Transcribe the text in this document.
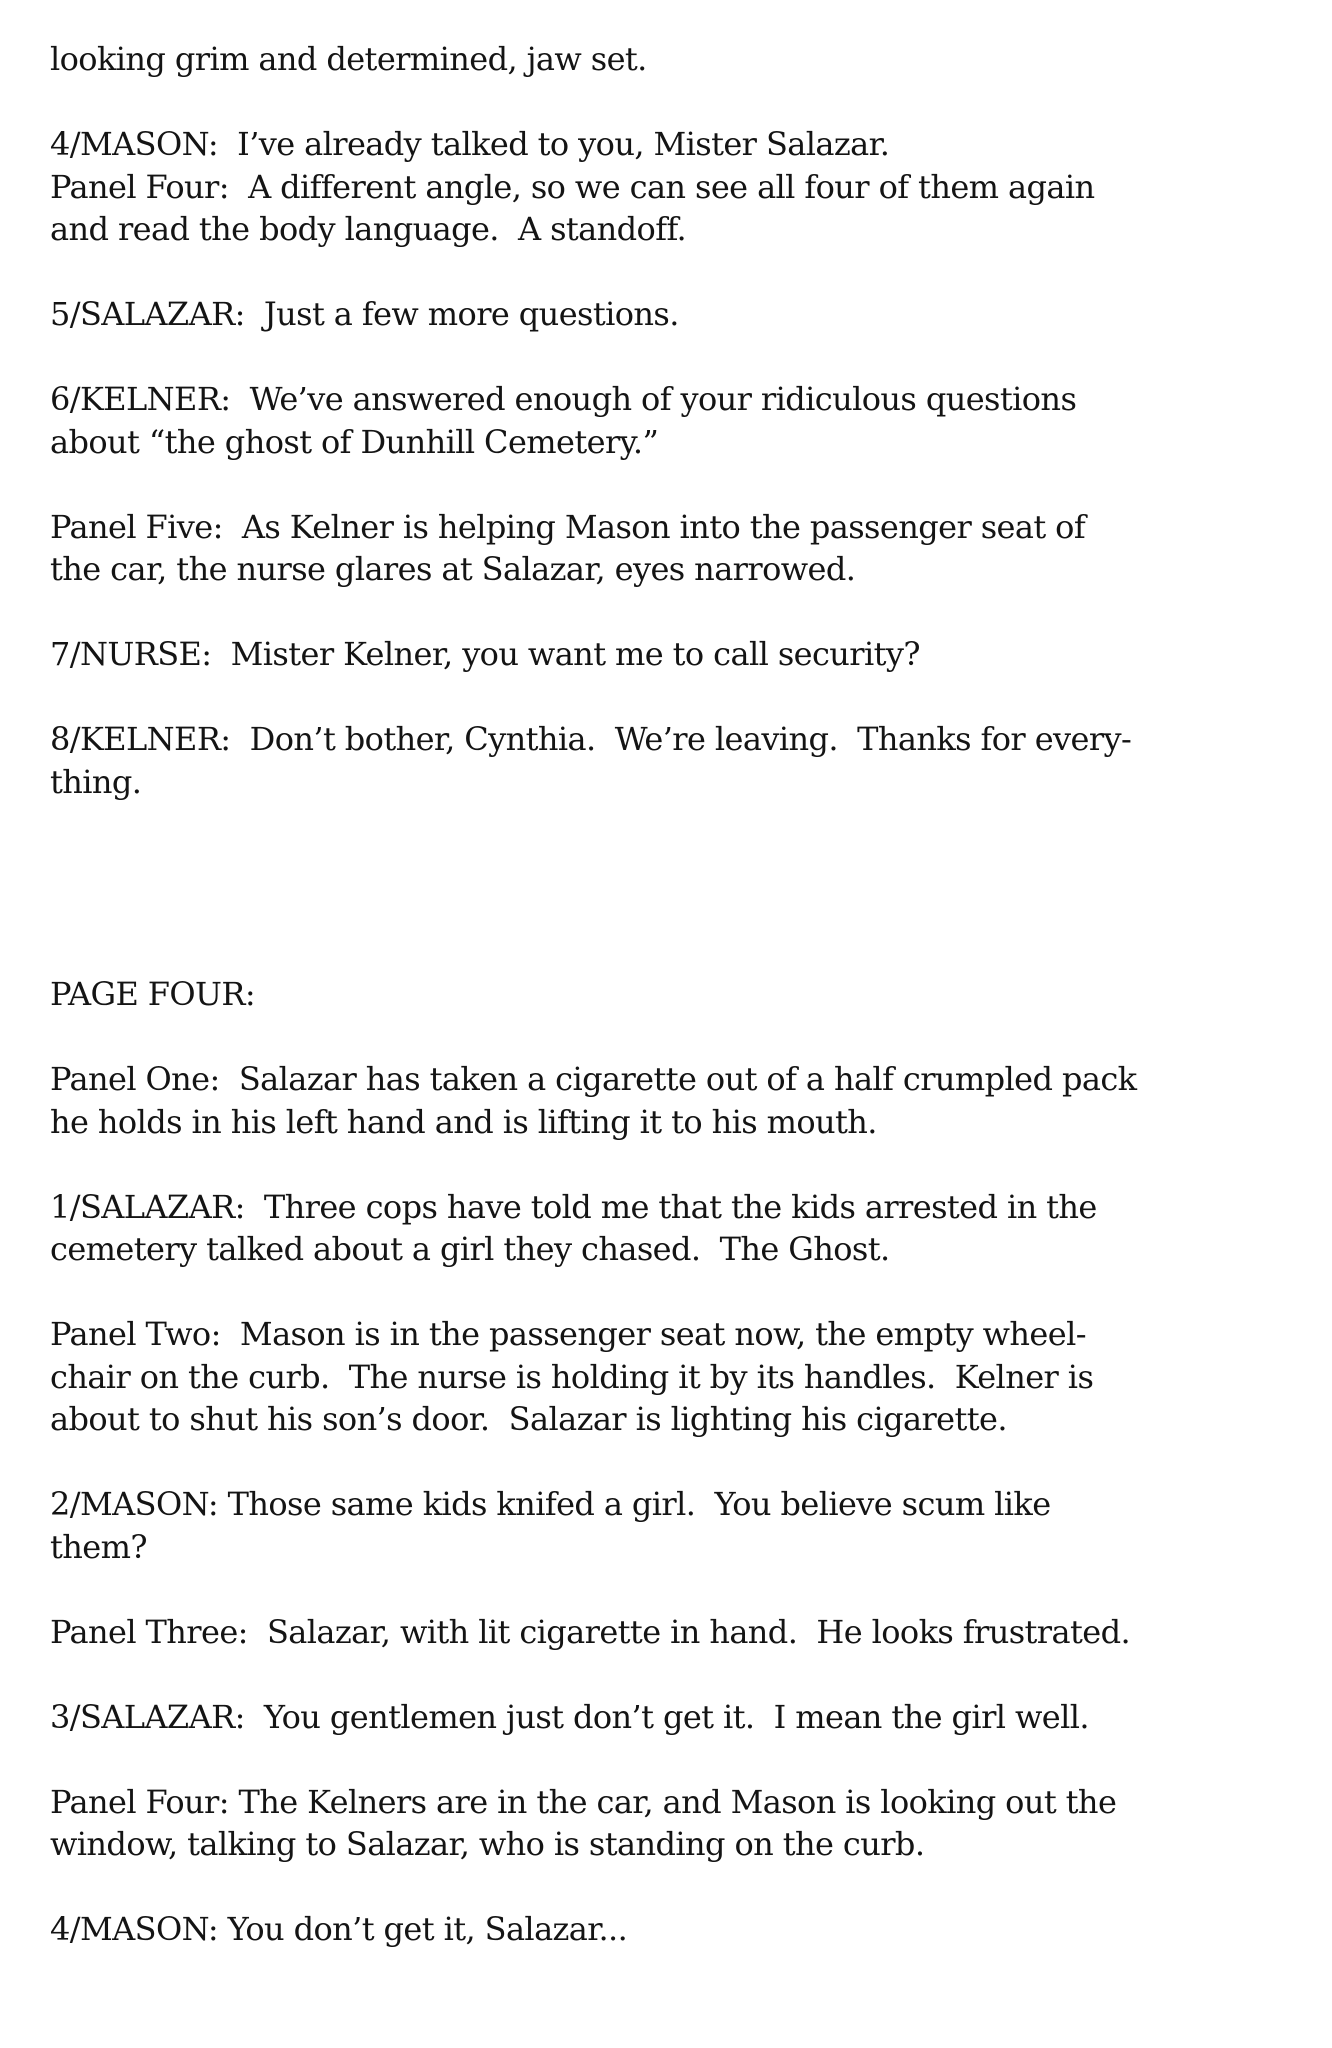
looking grim and determined, jaw set.
4/MASON:  I’ve already talked to you, Mister Salazar.
Panel Four:  A different angle, so we can see all four of them again
and read the body language.  A standoff.
5/SALAZAR:  Just a few more questions.
6/KELNER:  We’ve answered enough of your ridiculous questions
about “the ghost of Dunhill Cemetery.”
Panel Five:  As Kelner is helping Mason into the passenger seat of
the car, the nurse glares at Salazar, eyes narrowed.
7/NURSE:  Mister Kelner, you want me to call security?
8/KELNER:  Don’t bother, Cynthia.  We’re leaving.  Thanks for every-
thing.
PAGE FOUR:
Panel One:  Salazar has taken a cigarette out of a half crumpled pack
he holds in his left hand and is lifting it to his mouth.
1/SALAZAR:  Three cops have told me that the kids arrested in the
cemetery talked about a girl they chased.  The Ghost.
Panel Two:  Mason is in the passenger seat now, the empty wheel-
chair on the curb.  The nurse is holding it by its handles.  Kelner is
about to shut his son’s door.  Salazar is lighting his cigarette.
2/MASON: Those same kids knifed a girl.  You believe scum like
them?
Panel Three:  Salazar, with lit cigarette in hand.  He looks frustrated.
3/SALAZAR:  You gentlemen just don’t get it.  I mean the girl well.
Panel Four: The Kelners are in the car, and Mason is looking out the
window, talking to Salazar, who is standing on the curb.
4/MASON: You don’t get it, Salazar...
